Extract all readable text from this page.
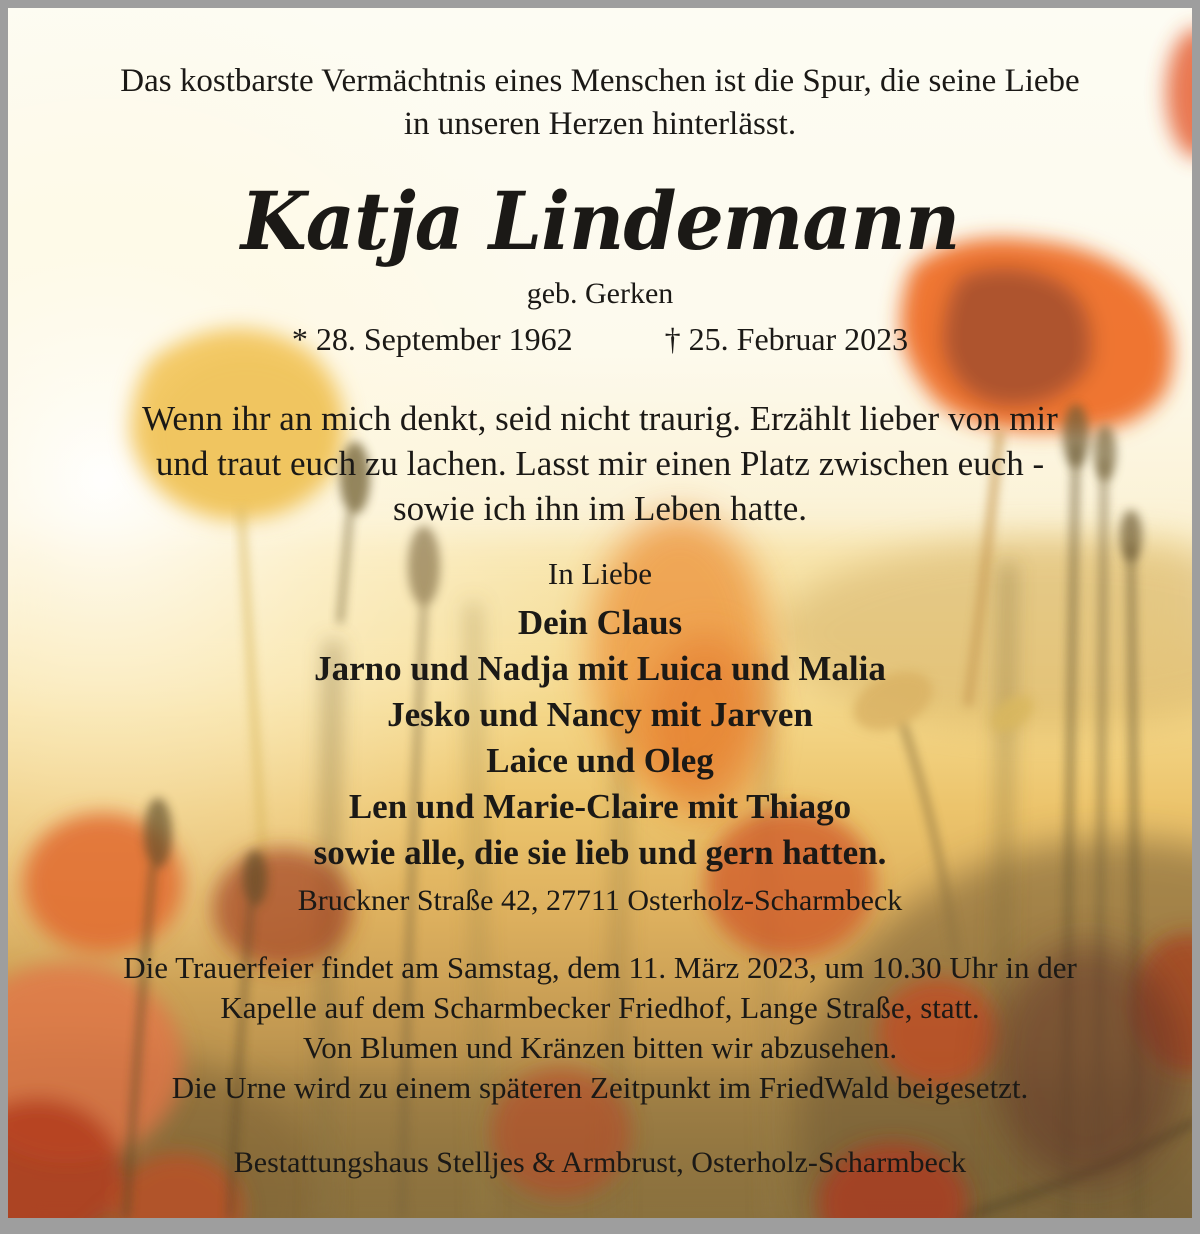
Das kostbarste Vermächtnis eines Menschen ist die Spur, die seine Liebe
in unseren Herzen hinterlässt.
Katja Lindemann
geb. Gerken
* 28. September 1962	† 25. Februar 2023
Wenn ihr an mich denkt, seid nicht traurig. Erzählt lieber von mir
und traut euch zu lachen. Lasst mir einen Platz zwischen euch -
sowie ich ihn im Leben hatte.
In Liebe
Dein Claus
Jarno und Nadja mit Luica und Malia
Jesko und Nancy mit Jarven
Laice und Oleg
Len und Marie-Claire mit Thiago
sowie alle, die sie lieb und gern hatten.
Bruckner Straße 42, 27711 Osterholz-Scharmbeck
Die Trauerfeier findet am Samstag, dem 11. März 2023, um 10.30 Uhr in der
Kapelle auf dem Scharmbecker Friedhof, Lange Straße, statt.
Von Blumen und Kränzen bitten wir abzusehen.
Die Urne wird zu einem späteren Zeitpunkt im FriedWald beigesetzt.
Bestattungshaus Stelljes & Armbrust, Osterholz-Scharmbeck
